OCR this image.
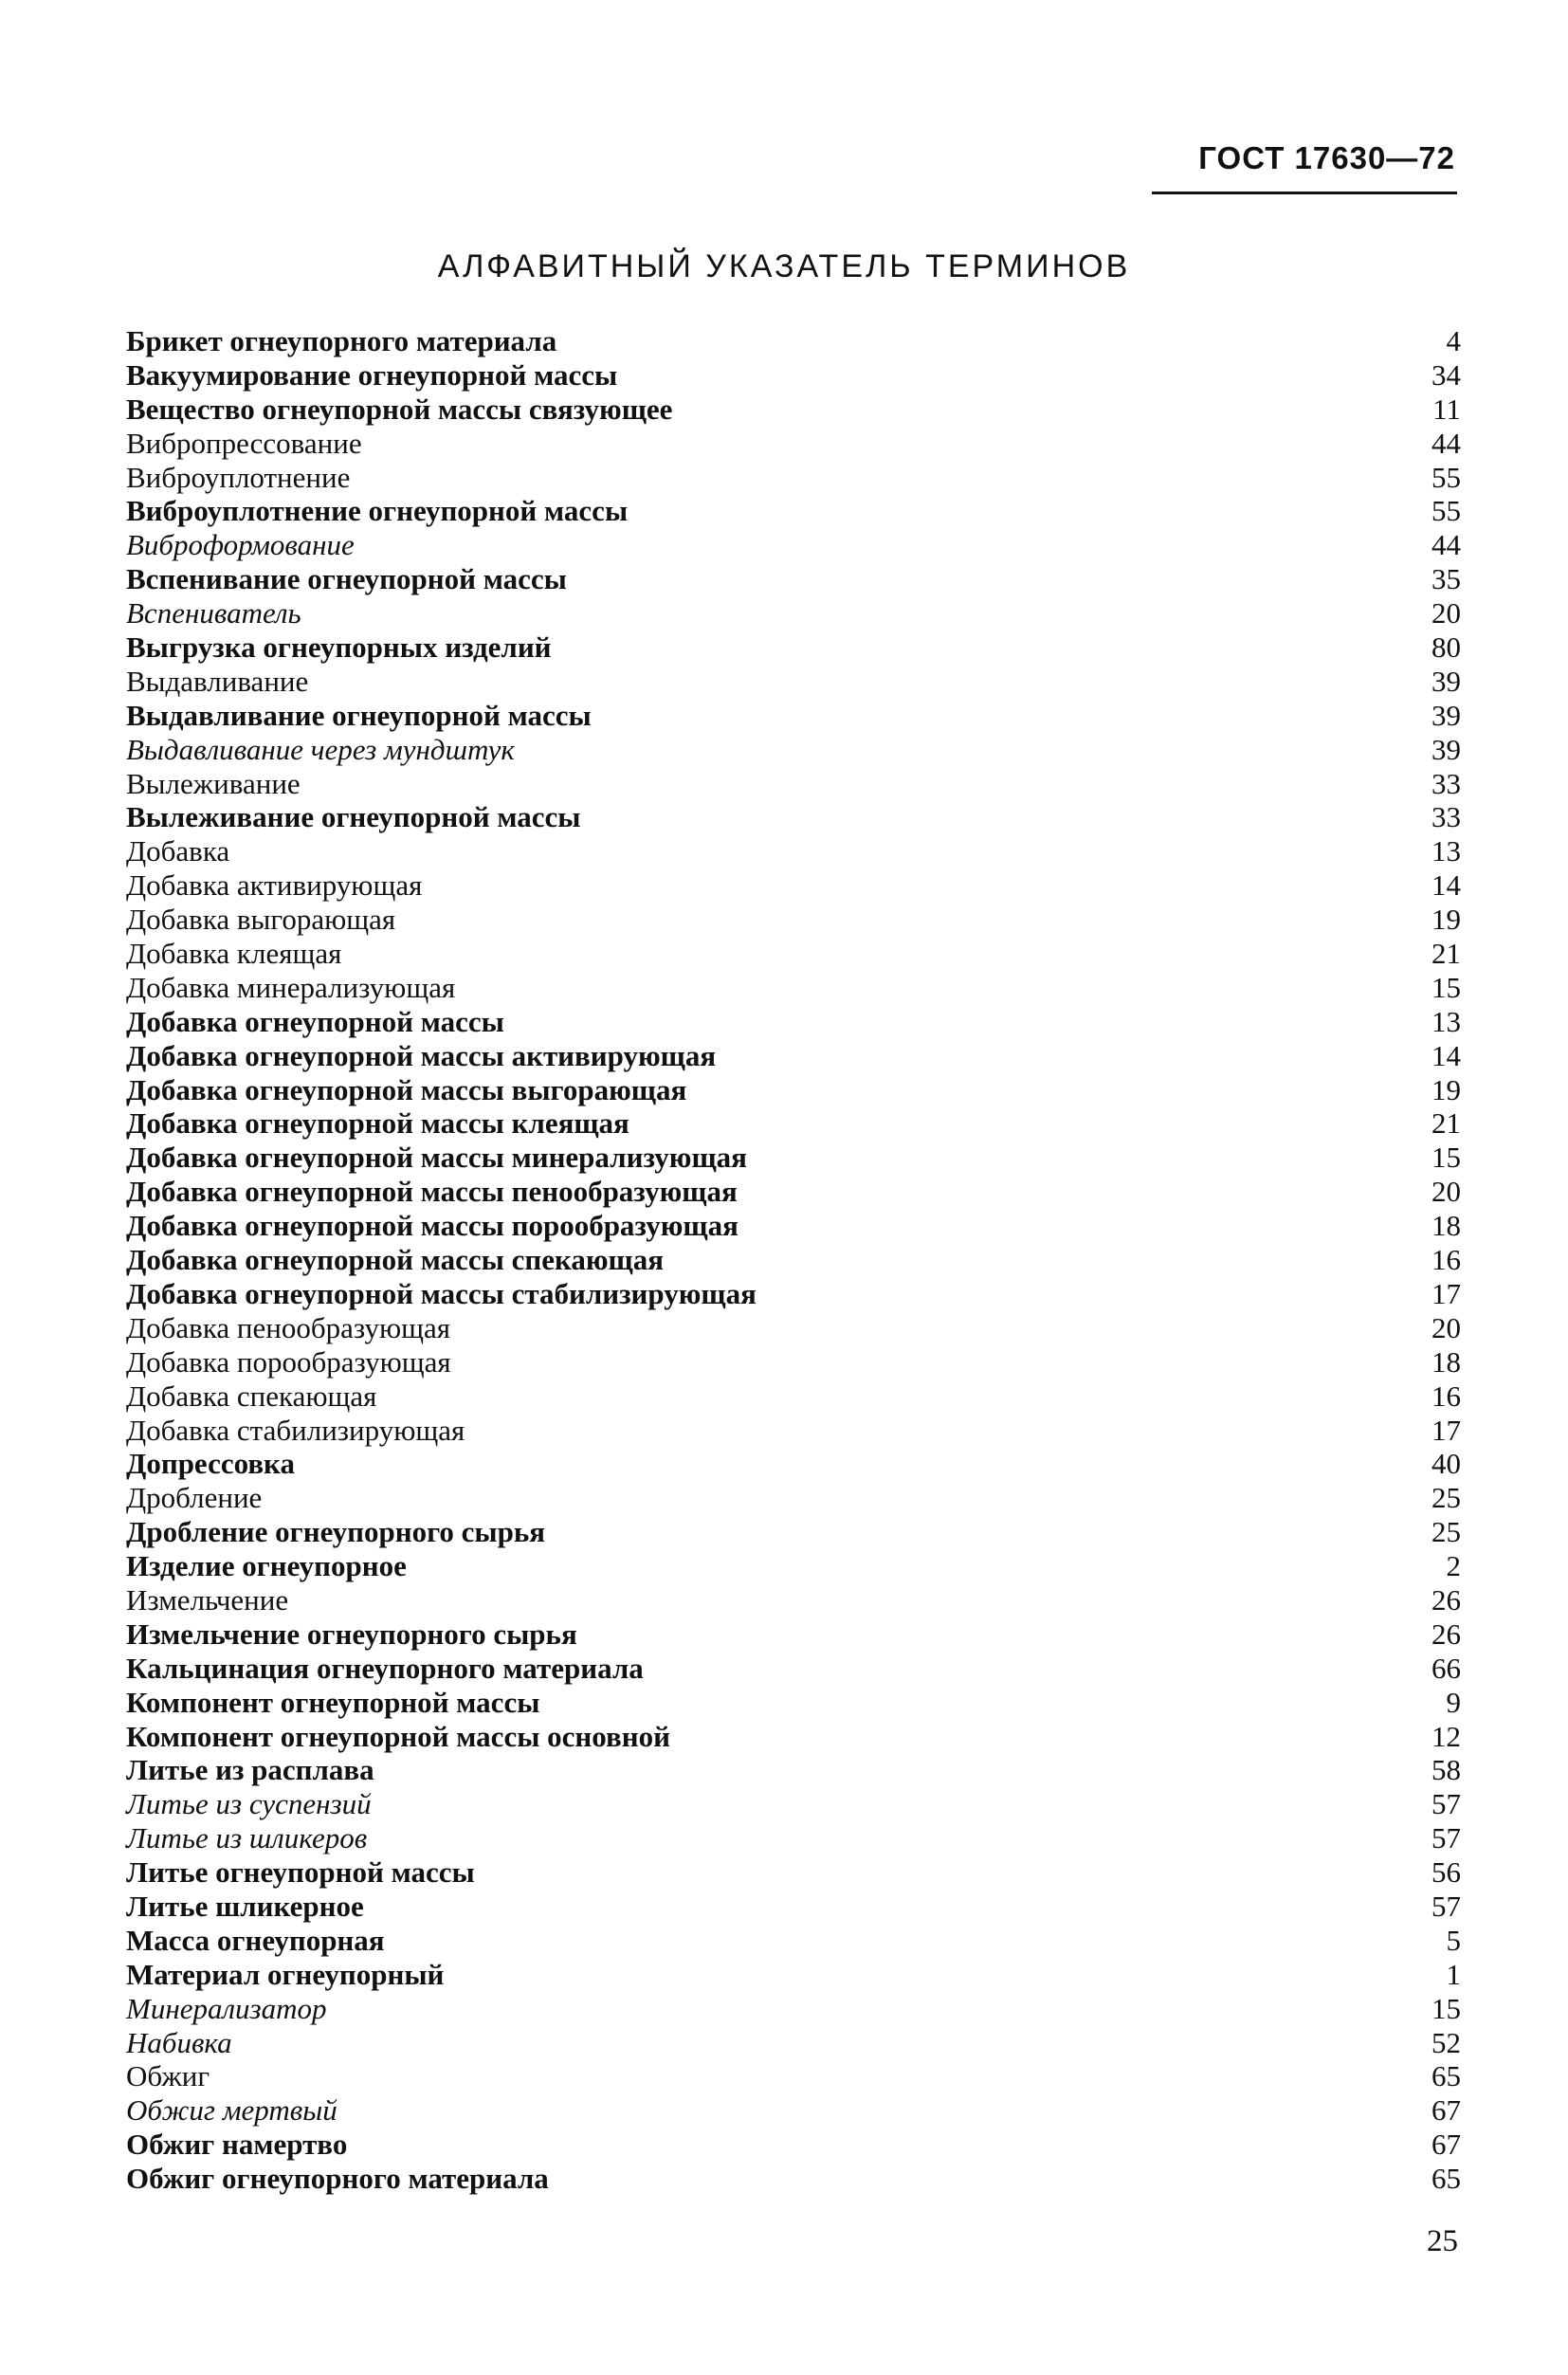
ГОСТ 17630—72
АЛФАВИТНЫЙ УКАЗАТЕЛЬ ТЕРМИНОВ
Брикет огнеупорного материала	4
Вакуумирование огнеупорной массы	34
Вещество огнеупорной массы связующее	11
Вибропрессование	44
Виброуплотнение	55
Виброуплотнение огнеупорной массы	55
Виброформование	44
Вспенивание огнеупорной массы	35
Вспениватель	20
Выгрузка огнеупорных изделий	80
Выдавливание	39
Выдавливание огнеупорной массы	39
Выдавливание через мундштук	39
Вылеживание	33
Вылеживание огнеупорной массы	33
Добавка	13
Добавка активирующая	14
Добавка выгорающая	19
Добавка клеящая	21
Добавка минерализующая	15
Добавка огнеупорной массы	13
Добавка огнеупорной массы активирующая	14
Добавка огнеупорной массы выгорающая	19
Добавка огнеупорной массы клеящая	21
Добавка огнеупорной массы минерализующая	15
Добавка огнеупорной массы пенообразующая	20
Добавка огнеупорной массы порообразующая	18
Добавка огнеупорной массы спекающая	16
Добавка огнеупорной массы стабилизирующая	17
Добавка пенообразующая	20
Добавка порообразующая	18
Добавка спекающая	16
Добавка стабилизирующая	17
Допрессовка	40
Дробление	25
Дробление огнеупорного сырья	25
Изделие огнеупорное	2
Измельчение	26
Измельчение огнеупорного сырья	26
Кальцинация огнеупорного материала	66
Компонент огнеупорной массы	9
Компонент огнеупорной массы основной	12
Литье из расплава	58
Литье из суспензий	57
Литье из шликеров	57
Литье огнеупорной массы	56
Литье шликерное	57
Масса огнеупорная	5
Материал огнеупорный	1
Минерализатор	15
Набивка	52
Обжиг	65
Обжиг мертвый	67
Обжиг намертво	67
Обжиг огнеупорного материала	65
25
